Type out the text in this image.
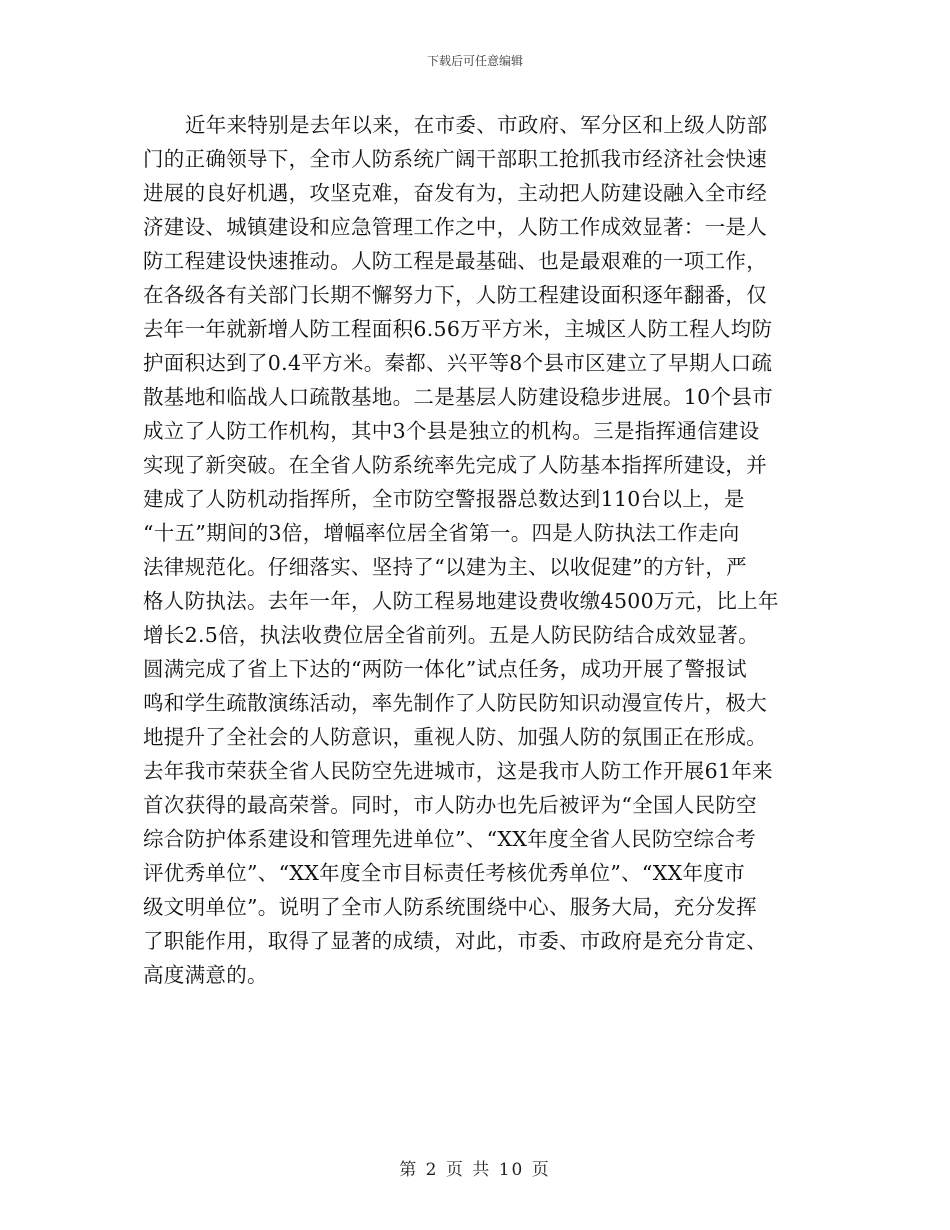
下载后可任意编辑

近年来特别是去年以来，在市委、市政府、军分区和上级人防部
门的正确领导下，全市人防系统广阔干部职工抢抓我市经济社会快速
进展的良好机遇，攻坚克难，奋发有为，主动把人防建设融入全市经
济建设、城镇建设和应急管理工作之中，人防工作成效显著：一是人
防工程建设快速推动。人防工程是最基础、也是最艰难的一项工作，
在各级各有关部门长期不懈努力下，人防工程建设面积逐年翻番，仅
去年一年就新增人防工程面积6.56万平方米，主城区人防工程人均防
护面积达到了0.4平方米。秦都、兴平等8个县市区建立了早期人口疏
散基地和临战人口疏散基地。二是基层人防建设稳步进展。10个县市
成立了人防工作机构，其中3个县是独立的机构。三是指挥通信建设
实现了新突破。在全省人防系统率先完成了人防基本指挥所建设，并
建成了人防机动指挥所，全市防空警报器总数达到110台以上，是
“十五”期间的3倍，增幅率位居全省第一。四是人防执法工作走向
法律规范化。仔细落实、坚持了“以建为主、以收促建”的方针，严
格人防执法。去年一年，人防工程易地建设费收缴4500万元，比上年
增长2.5倍，执法收费位居全省前列。五是人防民防结合成效显著。
圆满完成了省上下达的“两防一体化”试点任务，成功开展了警报试
鸣和学生疏散演练活动，率先制作了人防民防知识动漫宣传片，极大
地提升了全社会的人防意识，重视人防、加强人防的氛围正在形成。
去年我市荣获全省人民防空先进城市，这是我市人防工作开展61年来
首次获得的最高荣誉。同时，市人防办也先后被评为“全国人民防空
综合防护体系建设和管理先进单位”、“XX年度全省人民防空综合考
评优秀单位”、“XX年度全市目标责任考核优秀单位”、“XX年度市
级文明单位”。说明了全市人防系统围绕中心、服务大局，充分发挥
了职能作用，取得了显著的成绩，对此，市委、市政府是充分肯定、
高度满意的。

第 2 页 共 10 页
